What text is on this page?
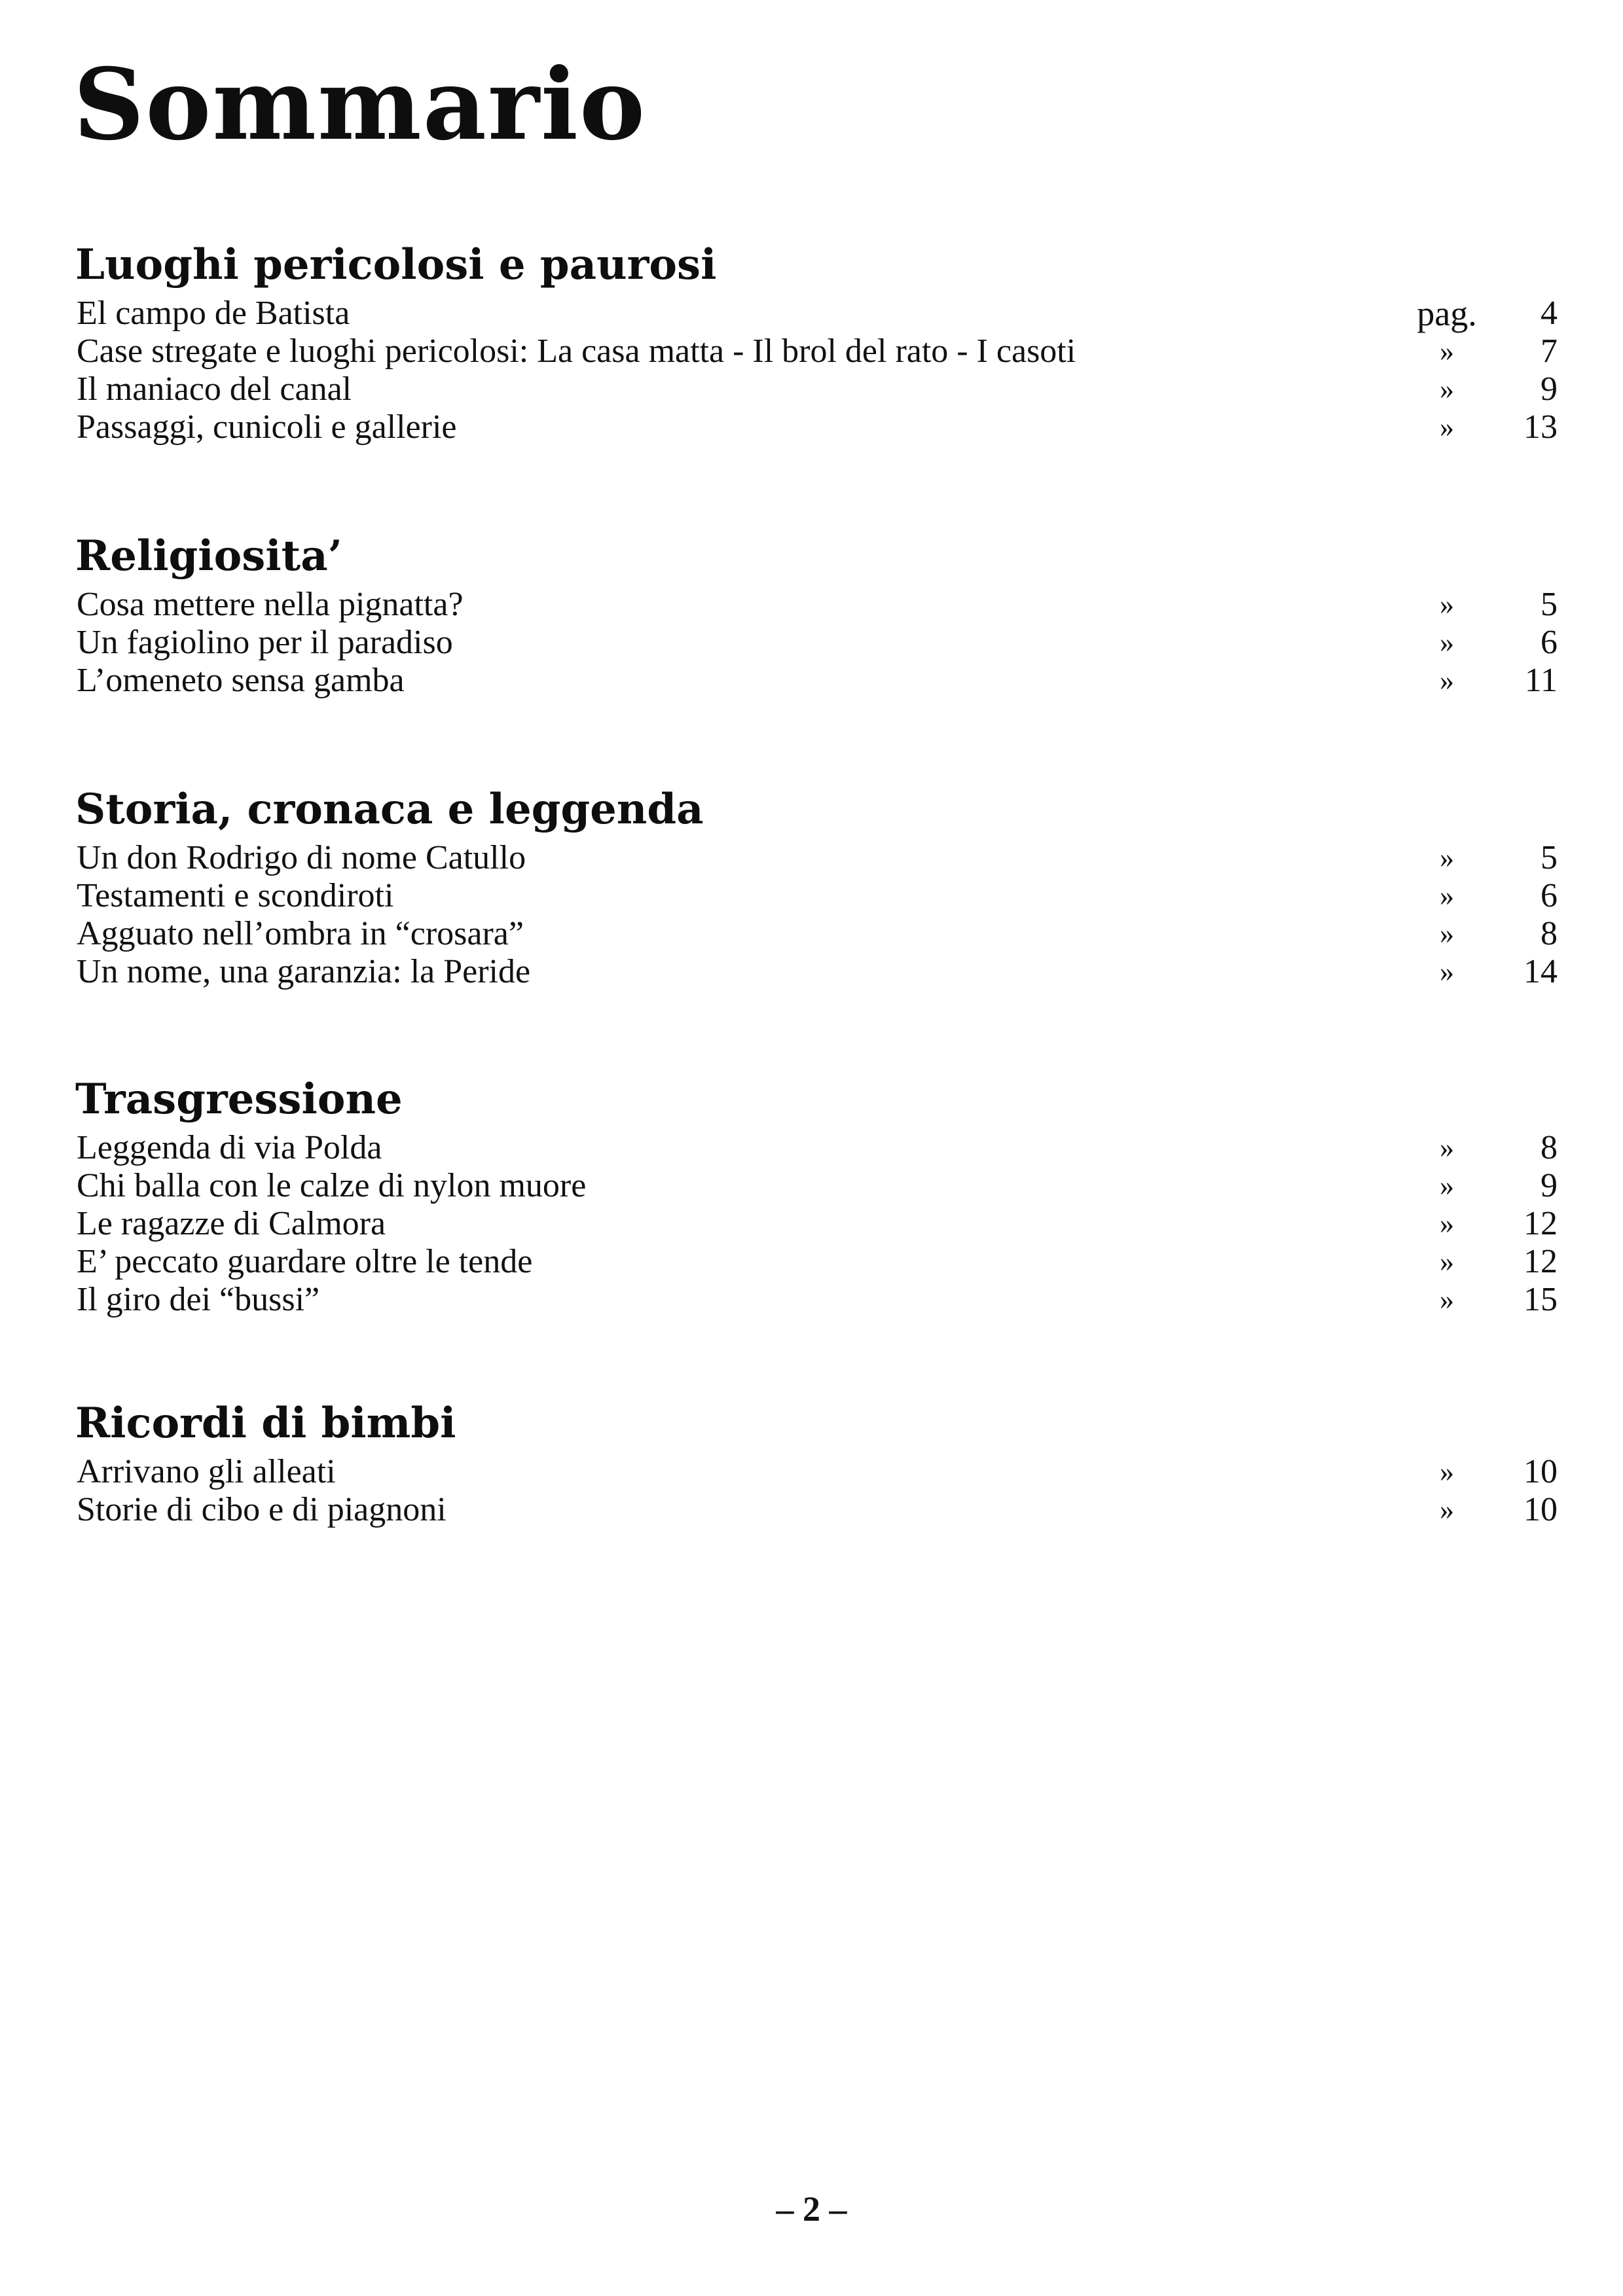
Sommario
Luoghi pericolosi e paurosi
El campo de Batista	pag. 4
Case stregate e luoghi pericolosi: La casa matta - Il brol del rato - I casoti	»	7
Il maniaco del canal	»	9
Passaggi, cunicoli e gallerie	»	13
Religiosita’
Cosa mettere nella pignatta?	»	5
Un fagiolino per il paradiso	»	6
L’omeneto sensa gamba	»	11
Storia, cronaca e leggenda
Un don Rodrigo di nome Catullo	»	5
Testamenti e scondiroti	»	6
Agguato nell’ombra in “crosara”	»	8
Un nome, una garanzia: la Peride	»	14
Trasgressione
Leggenda di via Polda	»	8
Chi balla con le calze di nylon muore	»	9
Le ragazze di Calmora	»	12
E’ peccato guardare oltre le tende	»	12
Il giro dei “bussi”	»	15
Ricordi di bimbi
Arrivano gli alleati	»	10
Storie di cibo e di piagnoni	»	10
– 2 –
